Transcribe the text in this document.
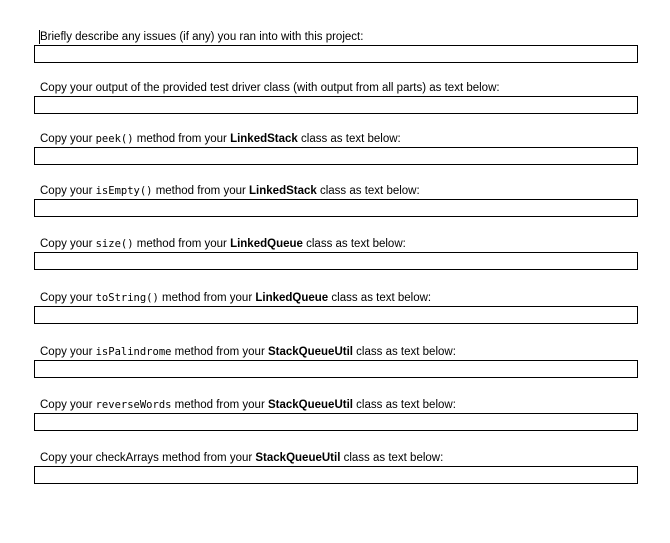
Briefly describe any issues (if any) you ran into with this project:
Copy your output of the provided test driver class (with output from all parts) as text below:
Copy your peek() method from your LinkedStack class as text below:
Copy your isEmpty() method from your LinkedStack class as text below:
Copy your size() method from your LinkedQueue class as text below:
Copy your toString() method from your LinkedQueue class as text below:
Copy your isPalindrome method from your StackQueueUtil class as text below:
Copy your reverseWords method from your StackQueueUtil class as text below:
Copy your checkArrays method from your StackQueueUtil class as text below:
